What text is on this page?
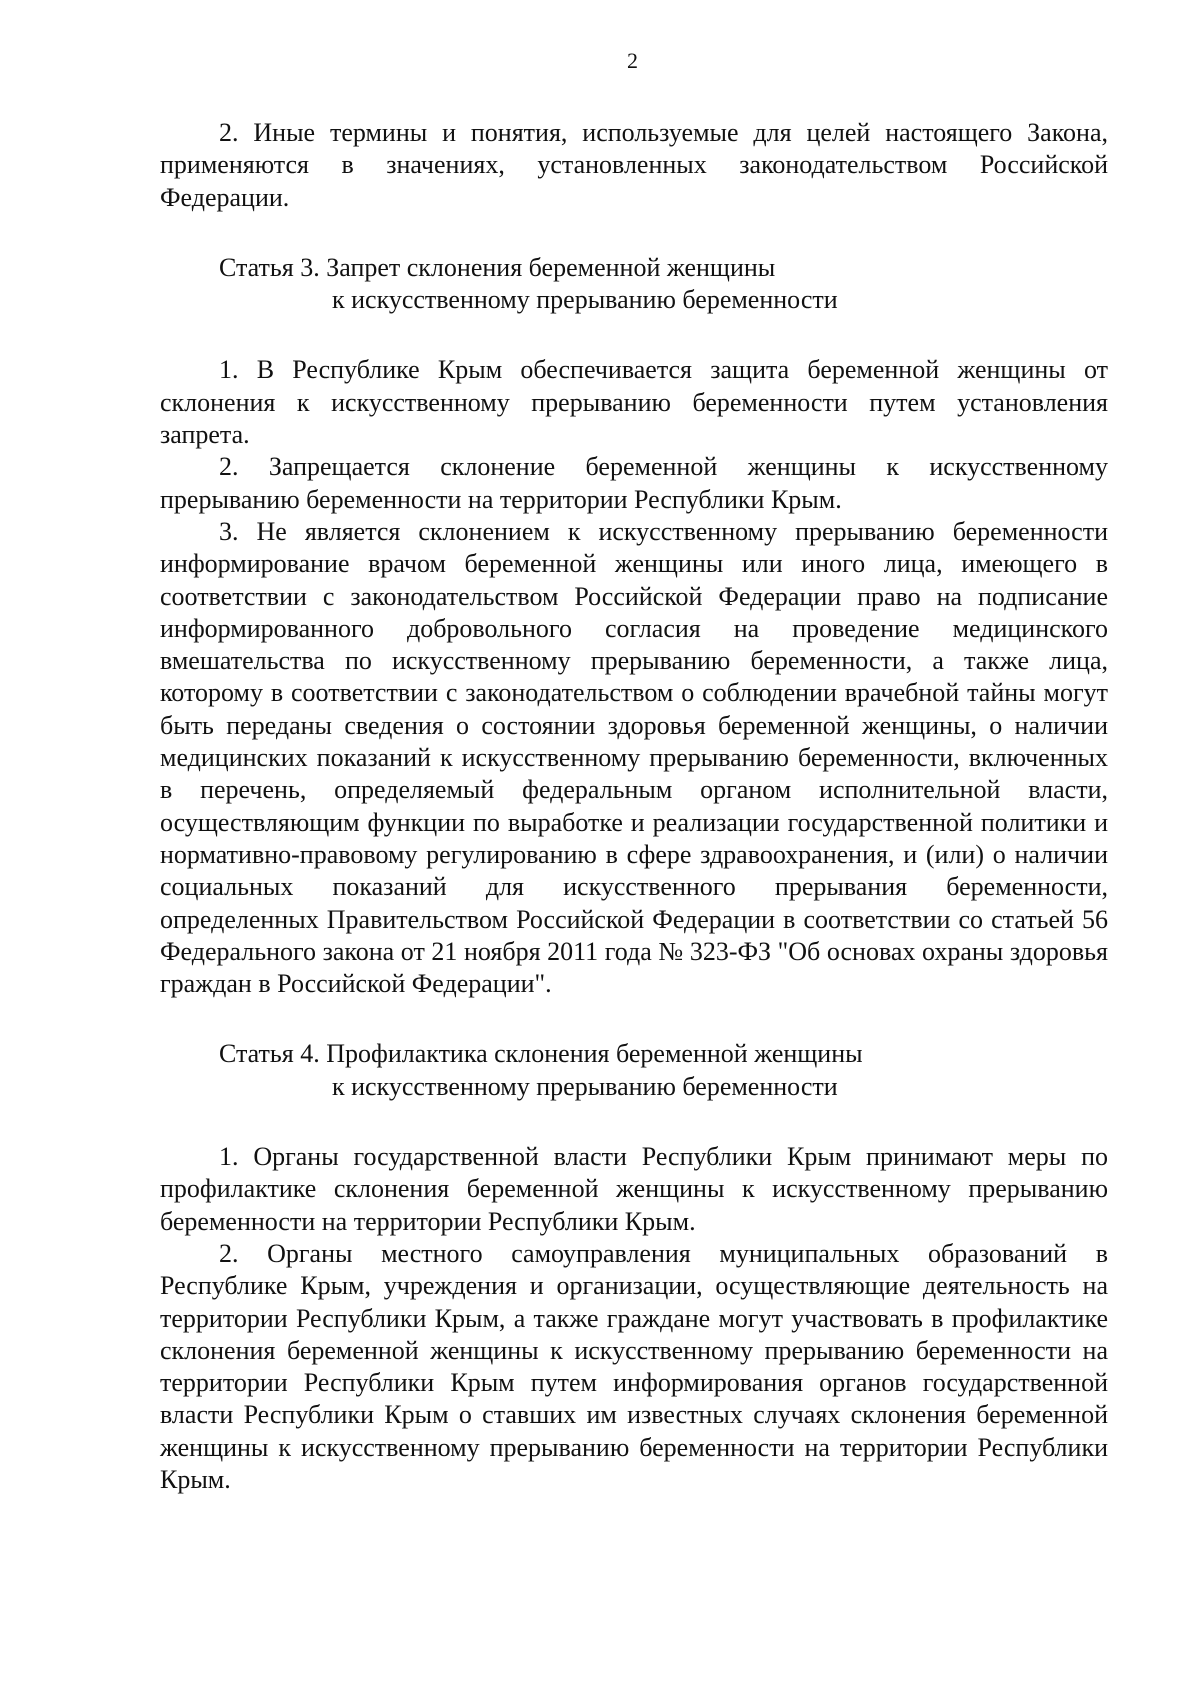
2

2. Иные термины и понятия, используемые для целей настоящего Закона, применяются в значениях, установленных законодательством Российской Федерации.

Статья 3. Запрет склонения беременной женщины
к искусственному прерыванию беременности

1. В Республике Крым обеспечивается защита беременной женщины от склонения к искусственному прерыванию беременности путем установления запрета.

2. Запрещается склонение беременной женщины к искусственному прерыванию беременности на территории Республики Крым.

3. Не является склонением к искусственному прерыванию беременности информирование врачом беременной женщины или иного лица, имеющего в соответствии с законодательством Российской Федерации право на подписание информированного добровольного согласия на проведение медицинского вмешательства по искусственному прерыванию беременности, а также лица, которому в соответствии с законодательством о соблюдении врачебной тайны могут быть переданы сведения о состоянии здоровья беременной женщины, о наличии медицинских показаний к искусственному прерыванию беременности, включенных в перечень, определяемый федеральным органом исполнительной власти, осуществляющим функции по выработке и реализации государственной политики и нормативно-правовому регулированию в сфере здравоохранения, и (или) о наличии социальных показаний для искусственного прерывания беременности, определенных Правительством Российской Федерации в соответствии со статьей 56 Федерального закона от 21 ноября 2011 года № 323-ФЗ "Об основах охраны здоровья граждан в Российской Федерации".

Статья 4. Профилактика склонения беременной женщины
к искусственному прерыванию беременности

1. Органы государственной власти Республики Крым принимают меры по профилактике склонения беременной женщины к искусственному прерыванию беременности на территории Республики Крым.

2. Органы местного самоуправления муниципальных образований в Республике Крым, учреждения и организации, осуществляющие деятельность на территории Республики Крым, а также граждане могут участвовать в профилактике склонения беременной женщины к искусственному прерыванию беременности на территории Республики Крым путем информирования органов государственной власти Республики Крым о ставших им известных случаях склонения беременной женщины к искусственному прерыванию беременности на территории Республики Крым.
